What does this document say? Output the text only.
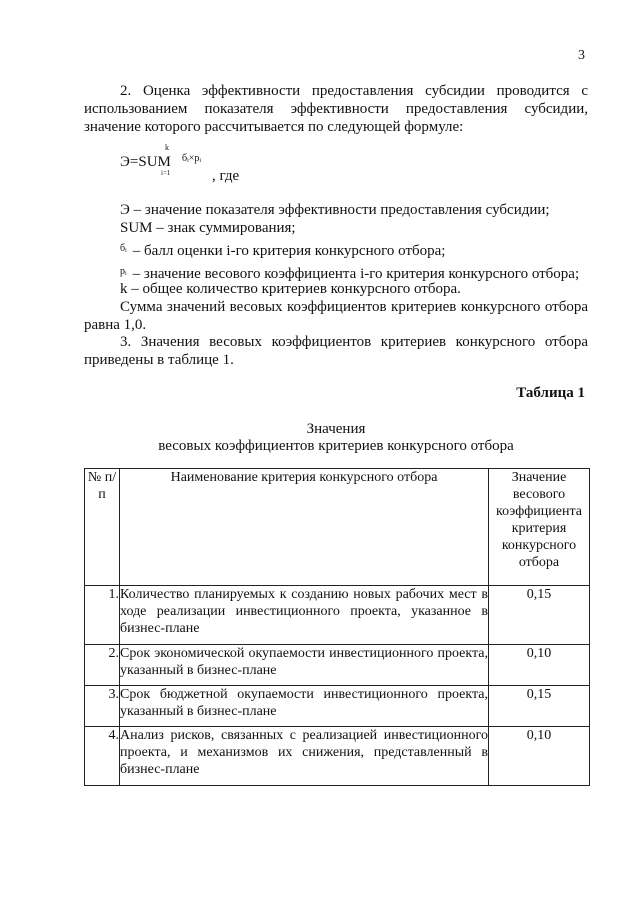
3
2. Оценка эффективности предоставления субсидии проводится с использованием показателя эффективности предоставления субсидии, значение которого рассчитывается по следующей формуле:
Э=SUM
k
i=1
бᵢ×рᵢ
, где
Э – значение показателя эффективности предоставления субсидии;
SUM – знак суммирования;
$^{бᵢ}$ – балл оценки i-го критерия конкурсного отбора;
$^{рᵢ}$ – значение весового коэффициента i-го критерия конкурсного отбора;
k – общее количество критериев конкурсного отбора.
Сумма значений весовых коэффициентов критериев конкурсного отбора равна 1,0.
3. Значения весовых коэффициентов критериев конкурсного отбора приведены в таблице 1.
Таблица 1
Значения
весовых коэффициентов критериев конкурсного отбора
№ п/п	Наименование критерия конкурсного отбора	Значение весового коэффициента критерия конкурсного отбора
1.	Количество планируемых к созданию новых рабочих мест в ходе реализации инвестиционного проекта, указанное в бизнес-плане	0,15
2.	Срок экономической окупаемости инвестиционного проекта, указанный в бизнес-плане	0,10
3.	Срок бюджетной окупаемости инвестиционного проекта, указанный в бизнес-плане	0,15
4.	Анализ рисков, связанных с реализацией инвестиционного проекта, и механизмов их снижения, представленный в бизнес-плане	0,10
